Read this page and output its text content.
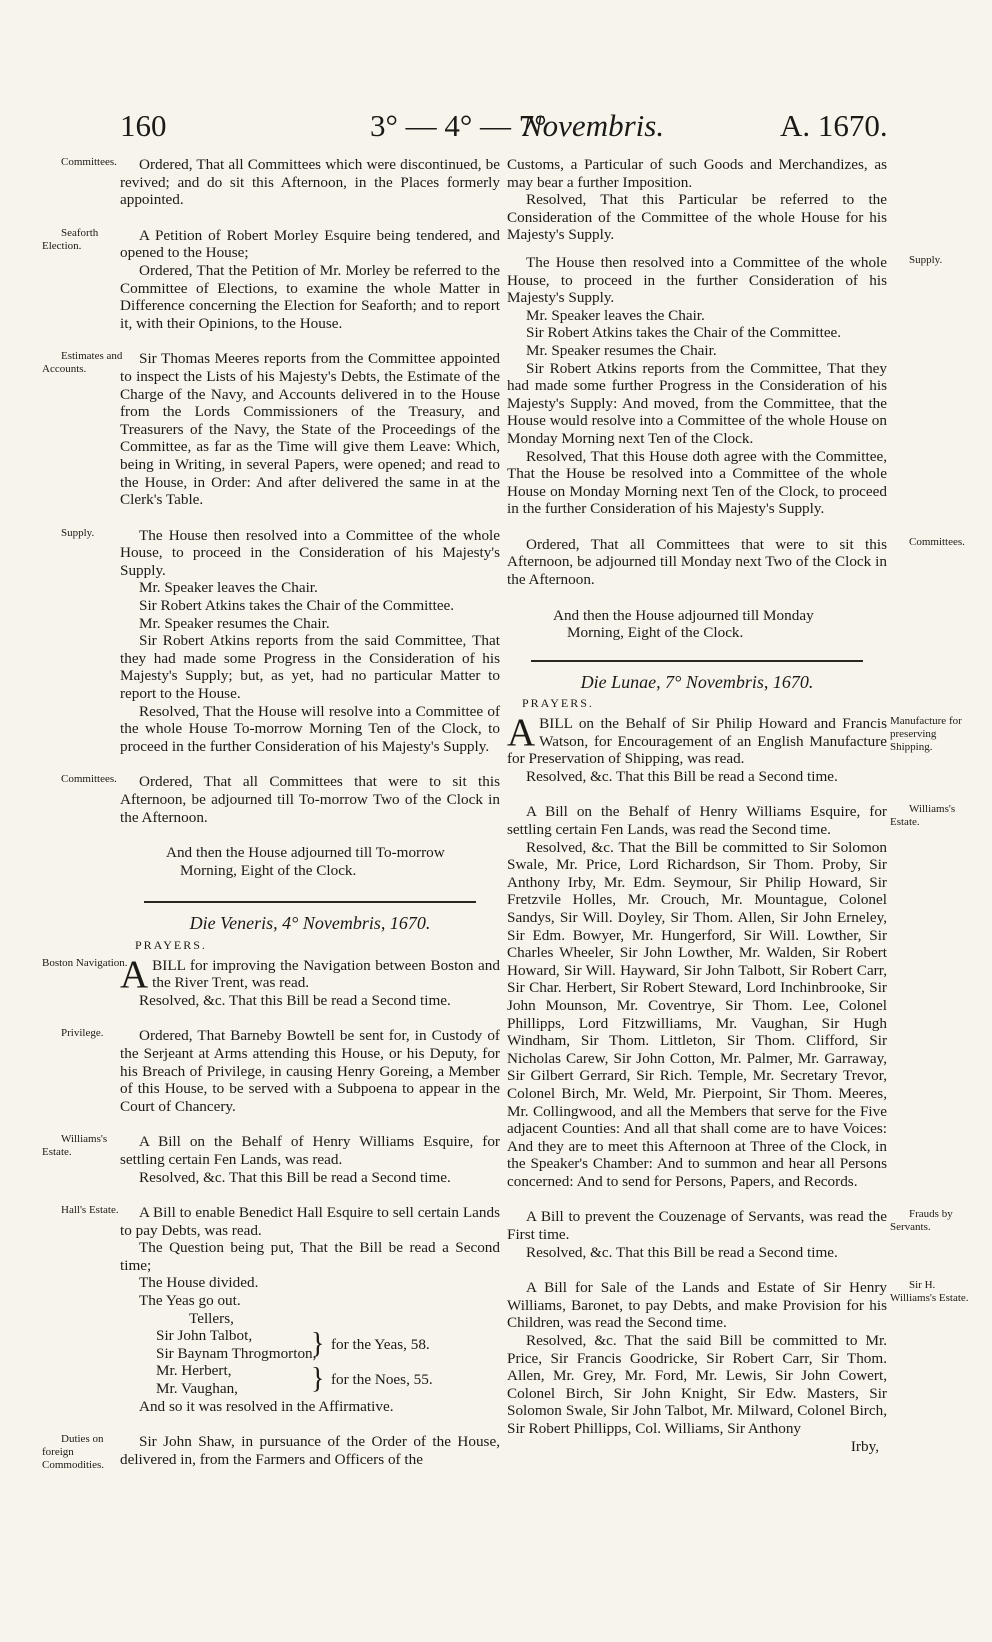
160	3° — 4° — 7°
Novembris.	A. 1670.
Committees.	Ordered, That all Committees which were discontinued, be revived; and do sit this Afternoon, in the Places formerly appointed.
Seaforth Election.
A Petition of Robert Morley Esquire being tendered, and opened to the House;
Ordered, That the Petition of Mr. Morley be referred to the Committee of Elections, to examine the whole Matter in Difference concerning the Election for Seaforth; and to report it, with their Opinions, to the House.
Estimates and Accounts.
Sir Thomas Meeres reports from the Committee appointed to inspect the Lists of his Majesty's Debts, the Estimate of the Charge of the Navy, and Accounts delivered in to the House from the Lords Commissioners of the Treasury, and Treasurers of the Navy, the State of the Proceedings of the Committee, as far as the Time will give them Leave: Which, being in Writing, in several Papers, were opened; and read to the House, in Order: And after delivered the same in at the Clerk's Table.
Supply.	The House then resolved into a Committee of the whole House, to proceed in the Consideration of his Majesty's Supply.
Mr. Speaker leaves the Chair.
Sir Robert Atkins takes the Chair of the Committee.
Mr. Speaker resumes the Chair.
Sir Robert Atkins reports from the said Committee, That they had made some Progress in the Consideration of his Majesty's Supply; but, as yet, had no particular Matter to report to the House.
Resolved, That the House will resolve into a Committee of the whole House To-morrow Morning Ten of the Clock, to proceed in the further Consideration of his Majesty's Supply.
Committees.	Ordered, That all Committees that were to sit this Afternoon, be adjourned till To-morrow Two of the Clock in the Afternoon.
And then the House adjourned till To-morrow Morning, Eight of the Clock.
Die Veneris, 4° Novembris, 1670.
PRAYERS.
Boston Navigation.
A BILL for improving the Navigation between Boston and the River Trent, was read.
Resolved, &c. That this Bill be read a Second time.
Privilege.	Ordered, That Barneby Bowtell be sent for, in Custody of the Serjeant at Arms attending this House, or his Deputy, for his Breach of Privilege, in causing Henry Goreing, a Member of this House, to be served with a Subpoena to appear in the Court of Chancery.
Williams's Estate.
A Bill on the Behalf of Henry Williams Esquire, for settling certain Fen Lands, was read.
Resolved, &c. That this Bill be read a Second time.
Hall's Estate.	A Bill to enable Benedict Hall Esquire to sell certain Lands to pay Debts, was read.
The Question being put, That the Bill be read a Second time;
The House divided.
The Yeas go out.
Tellers,
Sir John Talbot,
Sir Baynam Throgmorton,
Mr. Herbert,
Mr. Vaughan,
}
}
for the Yeas, 58.
for the Noes, 55.
And so it was resolved in the Affirmative.
Duties on foreign Commodities.
Sir John Shaw, in pursuance of the Order of the House, delivered in, from the Farmers and Officers of the
Customs, a Particular of such Goods and Merchandizes, as may bear a further Imposition.
Resolved, That this Particular be referred to the Consideration of the Committee of the whole House for his Majesty's Supply.
Supply.
The House then resolved into a Committee of the whole House, to proceed in the further Consideration of his Majesty's Supply.
Mr. Speaker leaves the Chair.
Sir Robert Atkins takes the Chair of the Committee.
Mr. Speaker resumes the Chair.
Sir Robert Atkins reports from the Committee, That they had made some further Progress in the Consideration of his Majesty's Supply: And moved, from the Committee, that the House would resolve into a Committee of the whole House on Monday Morning next Ten of the Clock.
Resolved, That this House doth agree with the Committee, That the House be resolved into a Committee of the whole House on Monday Morning next Ten of the Clock, to proceed in the further Consideration of his Majesty's Supply.
Committees.
Ordered, That all Committees that were to sit this Afternoon, be adjourned till Monday next Two of the Clock in the Afternoon.
And then the House adjourned till Monday Morning, Eight of the Clock.
Die Lunae, 7° Novembris, 1670.
PRAYERS.
Manufacture for preserving Shipping.
A BILL on the Behalf of Sir Philip Howard and Francis Watson, for Encouragement of an English Manufacture for Preservation of Shipping, was read.
Resolved, &c. That this Bill be read a Second time.
Williams's Estate.
A Bill on the Behalf of Henry Williams Esquire, for settling certain Fen Lands, was read the Second time.
Resolved, &c. That the Bill be committed to Sir Solomon Swale, Mr. Price, Lord Richardson, Sir Thom. Proby, Sir Anthony Irby, Mr. Edm. Seymour, Sir Philip Howard, Sir Fretzvile Holles, Mr. Crouch, Mr. Mountague, Colonel Sandys, Sir Will. Doyley, Sir Thom. Allen, Sir John Erneley, Sir Edm. Bowyer, Mr. Hungerford, Sir Will. Lowther, Sir Charles Wheeler, Sir John Lowther, Mr. Walden, Sir Robert Howard, Sir Will. Hayward, Sir John Talbott, Sir Robert Carr, Sir Char. Herbert, Sir Robert Steward, Lord Inchinbrooke, Sir John Mounson, Mr. Coventrye, Sir Thom. Lee, Colonel Phillipps, Lord Fitzwilliams, Mr. Vaughan, Sir Hugh Windham, Sir Thom. Littleton, Sir Thom. Clifford, Sir Nicholas Carew, Sir John Cotton, Mr. Palmer, Mr. Garraway, Sir Gilbert Gerrard, Sir Rich. Temple, Mr. Secretary Trevor, Colonel Birch, Mr. Weld, Mr. Pierpoint, Sir Thom. Meeres, Mr. Collingwood, and all the Members that serve for the Five adjacent Counties: And all that shall come are to have Voices: And they are to meet this Afternoon at Three of the Clock, in the Speaker's Chamber: And to summon and hear all Persons concerned: And to send for Persons, Papers, and Records.
Frauds by Servants.
A Bill to prevent the Couzenage of Servants, was read the First time.
Resolved, &c. That this Bill be read a Second time.
Sir H. Williams's Estate.
A Bill for Sale of the Lands and Estate of Sir Henry Williams, Baronet, to pay Debts, and make Provision for his Children, was read the Second time.
Resolved, &c. That the said Bill be committed to Mr. Price, Sir Francis Goodricke, Sir Robert Carr, Sir Thom. Allen, Mr. Grey, Mr. Ford, Mr. Lewis, Sir John Cowert, Colonel Birch, Sir John Knight, Sir Edw. Masters, Sir Solomon Swale, Sir John Talbot, Mr. Milward, Colonel Birch, Sir Robert Phillipps, Col. Williams, Sir Anthony
Irby,
